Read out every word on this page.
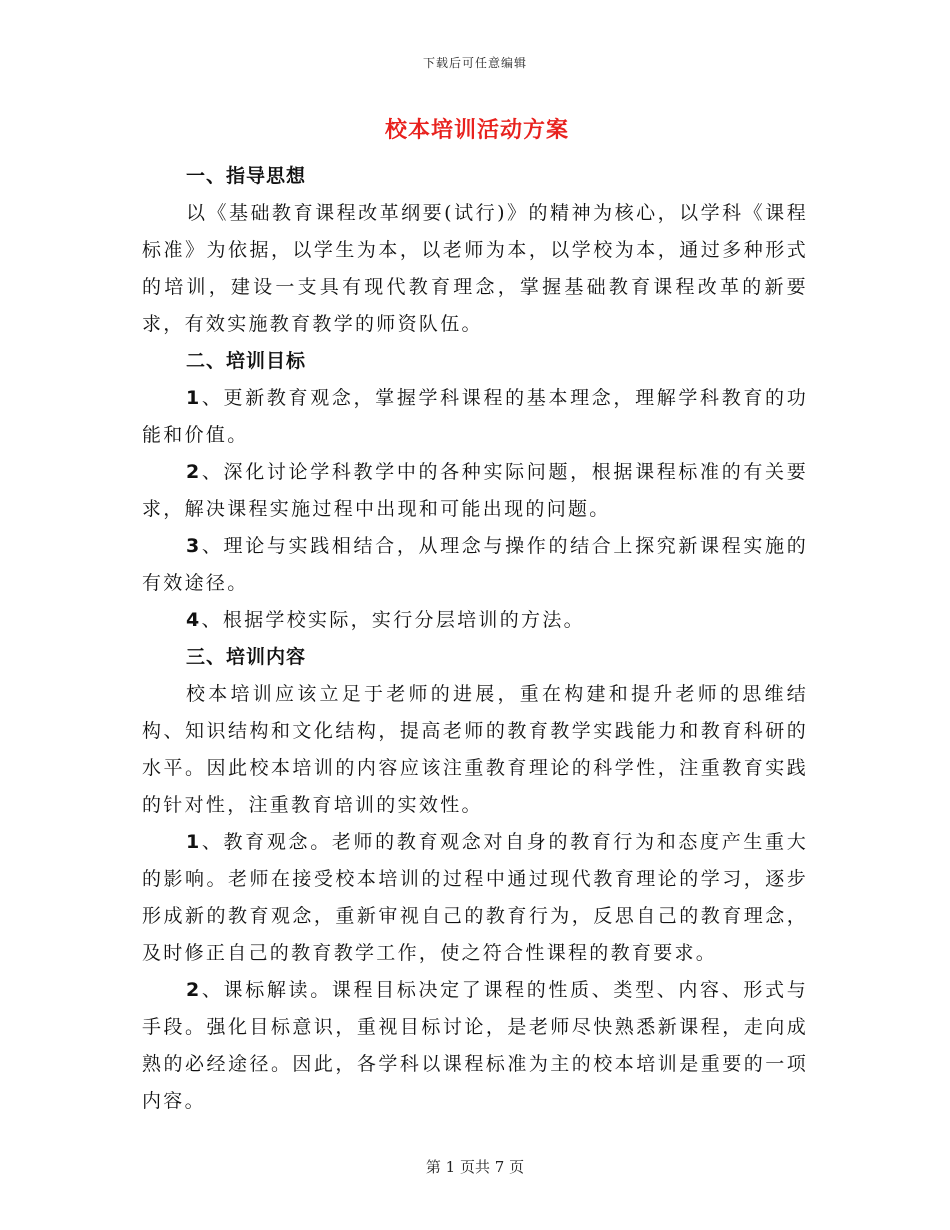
下载后可任意编辑
校本培训活动方案
一、指导思想

以《基础教育课程改革纲要(试行)》的精神为核心，以学科《课程标准》为依据，以学生为本，以老师为本，以学校为本，通过多种形式的培训，建设一支具有现代教育理念，掌握基础教育课程改革的新要求，有效实施教育教学的师资队伍。

二、培训目标

1、更新教育观念，掌握学科课程的基本理念，理解学科教育的功能和价值。

2、深化讨论学科教学中的各种实际问题，根据课程标准的有关要求，解决课程实施过程中出现和可能出现的问题。

3、理论与实践相结合，从理念与操作的结合上探究新课程实施的有效途径。

4、根据学校实际，实行分层培训的方法。

三、培训内容

校本培训应该立足于老师的进展，重在构建和提升老师的思维结构、知识结构和文化结构，提高老师的教育教学实践能力和教育科研的水平。因此校本培训的内容应该注重教育理论的科学性，注重教育实践的针对性，注重教育培训的实效性。

1、教育观念。老师的教育观念对自身的教育行为和态度产生重大的影响。老师在接受校本培训的过程中通过现代教育理论的学习，逐步形成新的教育观念，重新审视自己的教育行为，反思自己的教育理念，及时修正自己的教育教学工作，使之符合性课程的教育要求。

2、课标解读。课程目标决定了课程的性质、类型、内容、形式与手段。强化目标意识，重视目标讨论，是老师尽快熟悉新课程，走向成熟的必经途径。因此，各学科以课程标准为主的校本培训是重要的一项内容。

第 1 页共 7 页
